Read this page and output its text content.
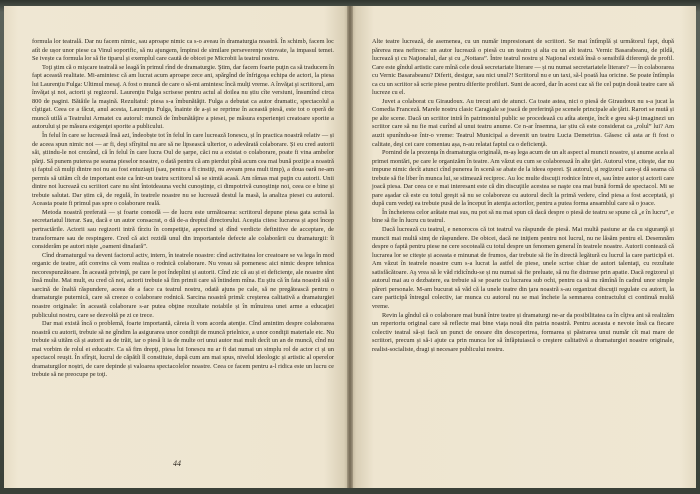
formula lor teatrală. Dar nu facem nimic, sau aproape nimic ca s-o aveau în dramaturgia noastră. În schimb, facem loc atît de ușor unor piese ca Vinul soporific, să nu ajungem, împinsi de similare perseverenţe vinovate, la impasul temei. Se ivește ca formula lor să fie tiparul și exemplul care caută de obicei pe Microbii la teatrul nostru.

Toţi ştim că o mişcare teatrală se leagă în primul rînd de dramaturgie. Ştim, dar facem foarte puţin ca să traducem în fapt această realitate. Mi-amintesc că am lucrat acum aproape zece ani, spărgînd de înfrigoşa echipa de actori, la piesa lui Laurenţiu Fulga: Ultimul mesaj. A fost o muncă de care o să-mi amintesc încă mulţi vreme. A învăţat şi scriitorul, am învăţat şi noi, actorii şi regizorul. Laurenţiu Fulga scrisese pentru actul al doilea nu știu cîte versiuni, însumînd circa 800 de pagini. Bătăile la maşină. Rezultatul: piesa s-a îmbunătăţit. Fulga a debutat ca autor dramatic, spectacolul a cîştigat. Ceea ce a făcut, anul acesta, Laurenţiu Fulga, înainte de a-şi se reprime în această piesă, este tot o operă de muncă utilă a Teatrului Armatei cu autorul: muncă de îmbunătăţire a piesei, pe măsura experienţei creatoare sporite a autorului şi pe măsura exigenţei sporite a publicului.

În felul în care se lucrează însă azi, îndeobște tot în felul în care lucrează Ionescu, și în practica noastră relativ — și de aceea spun nimic noi — ar fi, deşi sfîrşitul nu are să ne lipsească ulterior, o adevărată colaborare. Și eu cred autorii săi, știindu-le noi crezând, că în felul în care lucra Oul de șarpe, căci nu a existat o colaborare, poate fi vina ambelor părţi. Să punem puterea pe seama pieselor noastre, o dată pentru că am pierdut pînă acum cea mai bună poziţie a noastră și faptul că mulţi dintre noi nu au fost entuziaşti (sau, pentru a fi cinstiţi, nu aveam prea mult timp), a doua oară ne-am permis să uităm cît de important este ca într-un teatru scriitorul să se simtă acasă. Am rămas mai puţin cu autorii. Unii dintre noi lucrează cu scriitori care nu sînt întotdeauna vechi cunoştinţe, ci dimpotrivă cunoştinţe noi, ceea ce e bine și trebuie salutat. Dar știm că, de regulă, în teatrele noastre nu se lucrează destul la masă, la analiza piesei cu autorul. Aceasta poate fi primul pas spre o colaborare reală.

Metoda noastră preferată — și foarte comodă — de lucru este următoarea: scriitorul depune piesa gata scrisă la secretariatul literar. Sau, dacă e un autor consacrat, o dă de-a dreptul directorului. Aceştia citesc lucrarea și apoi încep pertractările. Actorii sau regizorii intră tîrziu în competiţie, apreciind și dînd verdicte definitive de acceptare, de transformare sau de respingere. Cred că aici rezidă unul din importantele defecte ale colaborării cu dramaturgii: îi considerăm pe autori niște „oameni dinafară”.

Cînd dramaturgul va deveni factorul activ, intern, în teatrele noastre: cînd activitatea lor creatoare se va lega în mod organic de teatre, atît convins că vom realiza o rodnică colaborare. Nu vreau să pomenesc aici nimic despre tehnica necorespunzătoare. În această privinţă, pe care le pot îndeplini și autorii. Cînd zic că au și ei deficienţe, ale noastre sînt însă multe. Mai mult, eu cred că noi, actorii trebuie să fim primii care să întindem mîna. Eu ştiu că în fata noastră stă o sarcină de înaltă răspundere, aceea de a face ca teatrul nostru, odată ajuns pe cale, să ne pregătească pentru o dramaturgie puternică, care să creeze o colaborare rodnică. Sarcina noastră primă: creşterea calitativă a dramaturgiei noastre originale: în această colaborare s-ar putea obţine rezultate notabile și în mînuirea unei arme a educaţiei publicului nostru, care se dezvoltă pe zi ce trece.

Dar mai există încă o problemă, foarte importantă, căreia îi vom acorda atenţie. Cînd amintim despre colaborarea noastră cu autorii, trebuie să ne gîndim la asigurarea unor condiţii de muncă prielnice, a unor condiţii materiale etc. Nu trebuie să uităm că și autorii au de trăit, iar o piesă îi ia de multe ori unui autor mai mult decît un an de muncă, cînd nu mai vorbim de rolul ei educativ. Ca să fim drepţi, piesa lui Ionescu nu ar fi dat numai un simplu rol de actor ci și un spectacol reuşit. În sfîrşit, lucrul de căpătîi îl constituie, după cum am mai spus, nivelul ideologic și artistic al operelor dramaturgilor noștri, de care depinde și valoarea spectacolelor noastre. Ceea ce facem pentru a-l ridica este un lucru ce trebuie să ne preocupe pe toţi.

44

Alte teatre lucrează, de asemenea, cu un număr impresionant de scriitori. Se mai întîmplă și următorul fapt, după părerea mea nefiresc: un autor lucrează o piesă cu un teatru și alta cu un alt teatru. Vernic Basarabeanu, de pildă, lucrează și cu Naţionalul, dar și cu „Nottara”. Între teatrul nostru și Naţional există însă o sensibilă diferenţă de profil. Care este gîndul artistic care mînă cele două secretariate literare — și nu numai secretariatele literare? — în colaborarea cu Vernic Basarabeanu? Diferit, desigur, sau nici unul?! Scriitorul nu e un taxi, să-l poată lua oricine. Se poate întîmpla ca cu un scriitor să scrie piese pentru diferite profiluri. Sunt de acord, dar în acest caz să fie cel puţin două teatre care să lucreze cu el.

Juvet a colaborat cu Giraudoux. Au trecut ani de atunci. Ca toate astea, nici o piesă de Giraudoux nu s-a jucat la Comedia Franceză. Marele nostru clasic Caragiale se joacă de preferinţă pe scenele principale ale ţării. Rarori se mută și pe alte scene. Dacă un scriitor intră în patrimoniul public se procedează cu atîta atenţie, încît e greu să-ţi imaginezi un scriitor care să nu fie mai curînd al unui teatru anume. Ce n-ar însemna, iar știu că este considerat ca „rolul” lui? Am auzit spunîndu-se într-o vreme: Teatrul Municipal a devenit un teatru Lucia Demetrius. Găsesc că asta ar fi fost o calitate, deşi cei care comentau așa, n-au relatat faptul ca o deficienţă.

Pornind de la prezenţa în dramaturgia originală, m-aș lega acum de un alt aspect al muncii noastre, și anume acela al primei montări, pe care le organizăm în teatre. Am văzut eu cum se colaborează în alte ţări. Autorul vine, citeşte, dar nu impune nimic decît atunci cînd punerea în scenă se abate de la ideea operei. Şi autorul, și regizorul care-şi dă seama că trebuie să fie liber în munca lui, se stimează reciproc. Au loc multe discuţii rodnice între ei, sau între autor și actorii care joacă piesa. Dar ceea ce e mai interesant este că din discuţiile acestea se naşte cea mai bună formă de spectacol. Mi se pare aşadar că este cu totul greşit să nu se colaboreze cu autorul decît la primă vedere, cînd piesa a fost acceptată, şi după cum vedeţi ea trebuie pusă de la început în atenţia actorilor, pentru a putea forma ansamblul care să o joace.

În încheierea celor arătate mai sus, nu pot să nu mai spun că dacă despre o piesă de teatru se spune că „e în lucru”, e bine să fie în lucru cu teatrul.

Dacă lucrează cu teatrul, e nenorocos că tot teatrul va răspunde de piesă. Mai multă pasiune ar da cu siguranţă și muncii mai multă simţ de răspundere. De obicei, dacă ne iniţiem pentru noi lucrul, nu ne lăsăm pentru el. Desemnăm despre o faptă pentru piese ne cere socoteală cu totul despre un fenomen general în teatrele noastre. Autorii contează că lucrarea lor se citeşte și aceasta e minunat de frumos, dar trebuie să fie în directă legătură cu lucrul la care participă ei. Am văzut în teatrele noastre cum s-a lucrat la astfel de piese, unele scrise chiar de autori talentaţi, cu rezultate satisfăcătoare. Aş vrea să le văd ridicîndu-se și nu numai să fie preluate, să nu fie distruse prin apatie. Dacă regizorul și autorul mai au o dezbatere, ea trebuie să se poarte cu lucrarea sub ochi, pentru ca să nu rămînă în cadrul unor simple păreri personale. M-am bucurat să văd că la unele teatre din ţara noastră s-au organizat discuţii regulate cu autorii, la care participă întregul colectiv, iar munca cu autorul nu se mai încheie la semnarea contractului ci continuă multă vreme.

Revin la gîndul că o colaborare mai bună între teatre și dramaturgi ne-ar da posibilitatea ca în cîţiva ani să realizăm un repertoriu original care să reflecte mai bine viaţa nouă din patria noastră. Pentru aceasta e nevoie însă ca fiecare colectiv teatral să-și facă un punct de onoare din descoperirea, formarea și păstrarea unui număr cît mai mare de scriitori, precum și să-i ajute ca prin munca lor să înfăptuiască o creştere calitativă a dramaturgiei noastre originale, realist-socialiste, dragi și necesare publicului nostru.
